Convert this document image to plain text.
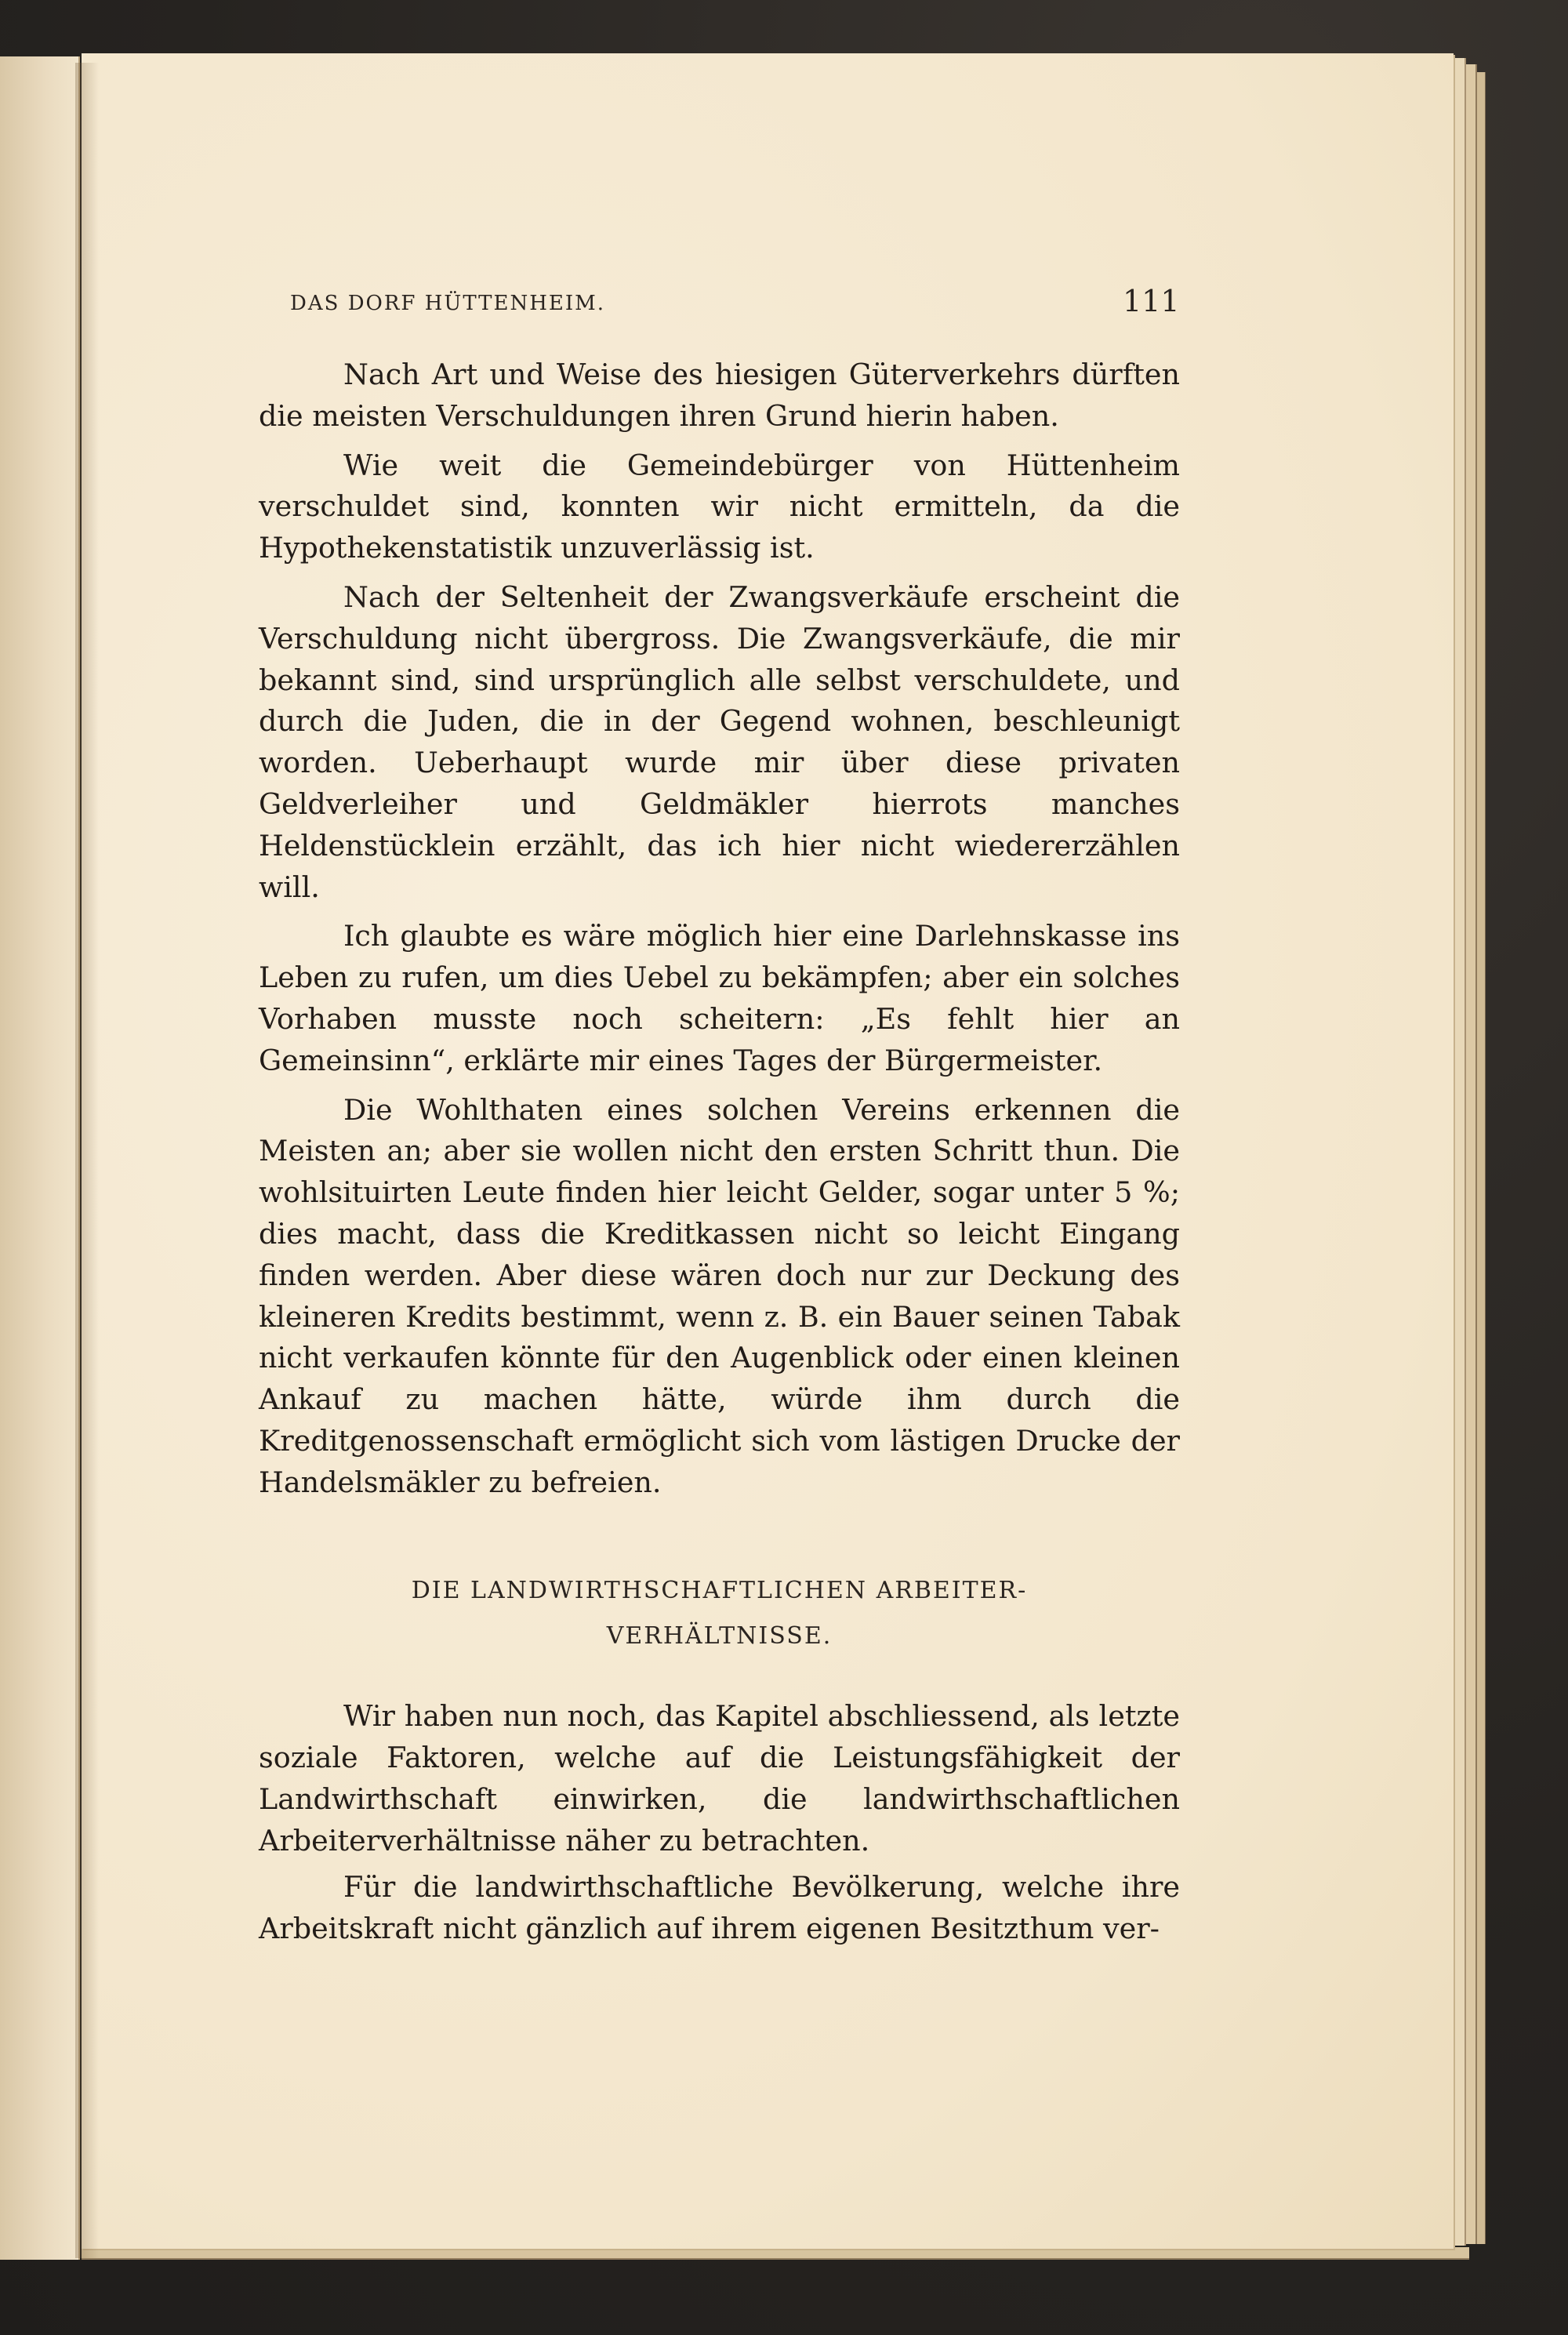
DAS DORF HÜTTENHEIM.	111

Nach Art und Weise des hiesigen Güterverkehrs dürften die meisten Verschuldungen ihren Grund hierin haben.

Wie weit die Gemeindebürger von Hüttenheim verschuldet sind, konnten wir nicht ermitteln, da die Hypothekenstatistik unzuverlässig ist.

Nach der Seltenheit der Zwangsverkäufe erscheint die Verschuldung nicht übergross. Die Zwangsverkäufe, die mir bekannt sind, sind ursprünglich alle selbst verschuldete, und durch die Juden, die in der Gegend wohnen, beschleunigt worden. Ueberhaupt wurde mir über diese privaten Geldverleiher und Geldmäkler hierrots manches Heldenstücklein erzählt, das ich hier nicht wiedererzählen will.

Ich glaubte es wäre möglich hier eine Darlehnskasse ins Leben zu rufen, um dies Uebel zu bekämpfen; aber ein solches Vorhaben musste noch scheitern: „Es fehlt hier an Gemeinsinn“, erklärte mir eines Tages der Bürgermeister.

Die Wohlthaten eines solchen Vereins erkennen die Meisten an; aber sie wollen nicht den ersten Schritt thun. Die wohlsituirten Leute finden hier leicht Gelder, sogar unter 5 %; dies macht, dass die Kreditkassen nicht so leicht Eingang finden werden. Aber diese wären doch nur zur Deckung des kleineren Kredits bestimmt, wenn z. B. ein Bauer seinen Tabak nicht verkaufen könnte für den Augenblick oder einen kleinen Ankauf zu machen hätte, würde ihm durch die Kreditgenossenschaft ermöglicht sich vom lästigen Drucke der Handelsmäkler zu befreien.

DIE LANDWIRTHSCHAFTLICHEN ARBEITER-
VERHÄLTNISSE.

Wir haben nun noch, das Kapitel abschliessend, als letzte soziale Faktoren, welche auf die Leistungsfähigkeit der Landwirthschaft einwirken, die landwirthschaftlichen Arbeiterverhältnisse näher zu betrachten.

Für die landwirthschaftliche Bevölkerung, welche ihre Arbeitskraft nicht gänzlich auf ihrem eigenen Besitzthum ver-
